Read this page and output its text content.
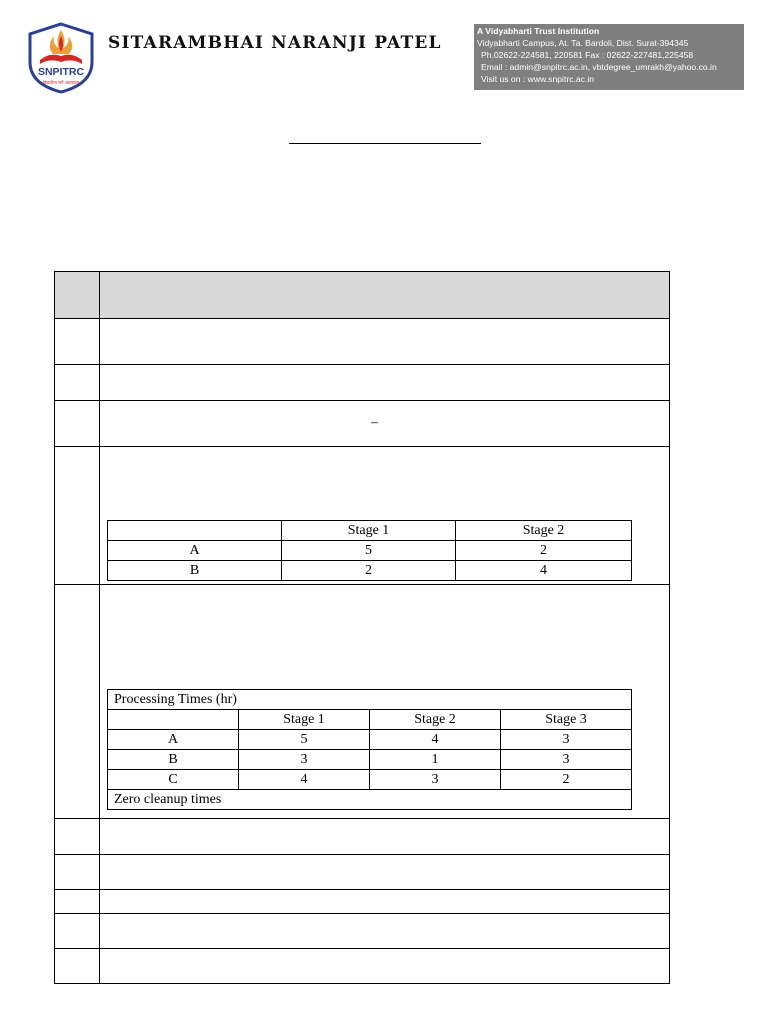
SNPITRC
विद्यावीना सर्वे अंधकारम्
SITARAMBHAI NARANJI PATEL
A Vidyabharti Trust Institution
Vidyabharti Campus, At. Ta. Bardoli, Dist. Surat-394345
Ph.02622-224581, 220581 Fax : 02622-227481,225458
Email : admin@snpitrc.ac.in, vbtdegree_umrakh@yahoo.co.in
Visit us on : www.snpitrc.ac.in

–

	Stage 1	Stage 2
A	5	2
B	2	4

Processing Times (hr)
	Stage 1	Stage 2	Stage 3
A	5	4	3
B	3	1	3
C	4	3	2
Zero cleanup times
